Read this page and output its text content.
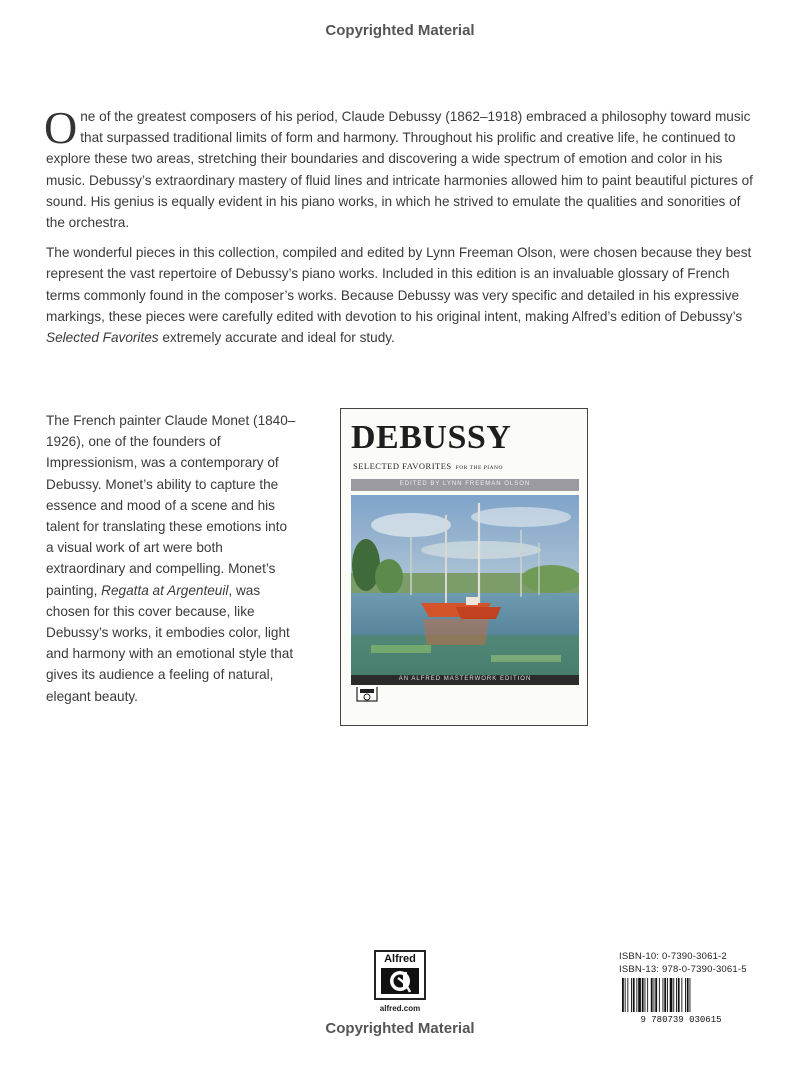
Copyrighted Material

One of the greatest composers of his period, Claude Debussy (1862–1918) embraced a philosophy toward music that surpassed traditional limits of form and harmony. Throughout his prolific and creative life, he continued to explore these two areas, stretching their boundaries and discovering a wide spectrum of emotion and color in his music. Debussy’s extraordinary mastery of fluid lines and intricate harmonies allowed him to paint beautiful pictures of sound. His genius is equally evident in his piano works, in which he strived to emulate the qualities and sonorities of the orchestra.

The wonderful pieces in this collection, compiled and edited by Lynn Freeman Olson, were chosen because they best represent the vast repertoire of Debussy’s piano works. Included in this edition is an invaluable glossary of French terms commonly found in the composer’s works. Because Debussy was very specific and detailed in his expressive markings, these pieces were carefully edited with devotion to his original intent, making Alfred’s edition of Debussy’s Selected Favorites extremely accurate and ideal for study.

The French painter Claude Monet (1840–1926), one of the founders of Impressionism, was a contemporary of Debussy. Monet’s ability to capture the essence and mood of a scene and his talent for translating these emotions into a visual work of art were both extraordinary and compelling. Monet’s painting, Regatta at Argenteuil, was chosen for this cover because, like Debussy’s works, it embodies color, light and harmony with an emotional style that gives its audience a feeling of natural, elegant beauty.

DEBUSSY
SELECTED FAVORITES FOR THE PIANO
EDITED BY LYNN FREEMAN OLSON
AN ALFRED MASTERWORK EDITION
Alfred
alfred.com
ISBN-10: 0-7390-3061-2
ISBN-13: 978-0-7390-3061-5
9 780739 030615
Copyrighted Material
